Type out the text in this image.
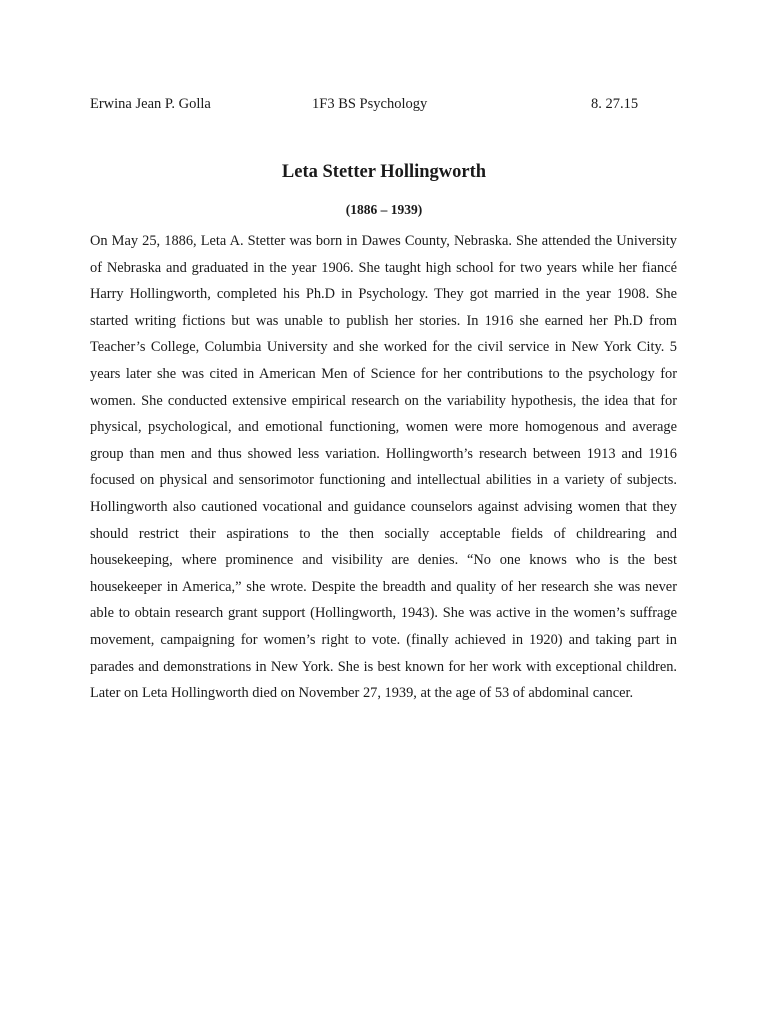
Erwina Jean P. Golla	1F3 BS Psychology	8. 27.15
Leta Stetter Hollingworth
(1886 – 1939)

On May 25, 1886, Leta A. Stetter was born in Dawes County, Nebraska. She attended the University of Nebraska and graduated in the year 1906. She taught high school for two years while her fiancé Harry Hollingworth, completed his Ph.D in Psychology. They got married in the year 1908. She started writing fictions but was unable to publish her stories. In 1916 she earned her Ph.D from Teacher’s College, Columbia University and she worked for the civil service in New York City. 5 years later she was cited in American Men of Science for her contributions to the psychology for women. She conducted extensive empirical research on the variability hypothesis, the idea that for physical, psychological, and emotional functioning, women were more homogenous and average group than men and thus showed less variation. Hollingworth’s research between 1913 and 1916 focused on physical and sensorimotor functioning and intellectual abilities in a variety of subjects. Hollingworth also cautioned vocational and guidance counselors against advising women that they should restrict their aspirations to the then socially acceptable fields of childrearing and housekeeping, where prominence and visibility are denies. “No one knows who is the best housekeeper in America,” she wrote. Despite the breadth and quality of her research she was never able to obtain research grant support (Hollingworth, 1943). She was active in the women’s suffrage movement, campaigning for women’s right to vote. (finally achieved in 1920) and taking part in parades and demonstrations in New York. She is best known for her work with exceptional children. Later on Leta Hollingworth died on November 27, 1939, at the age of 53 of abdominal cancer.
